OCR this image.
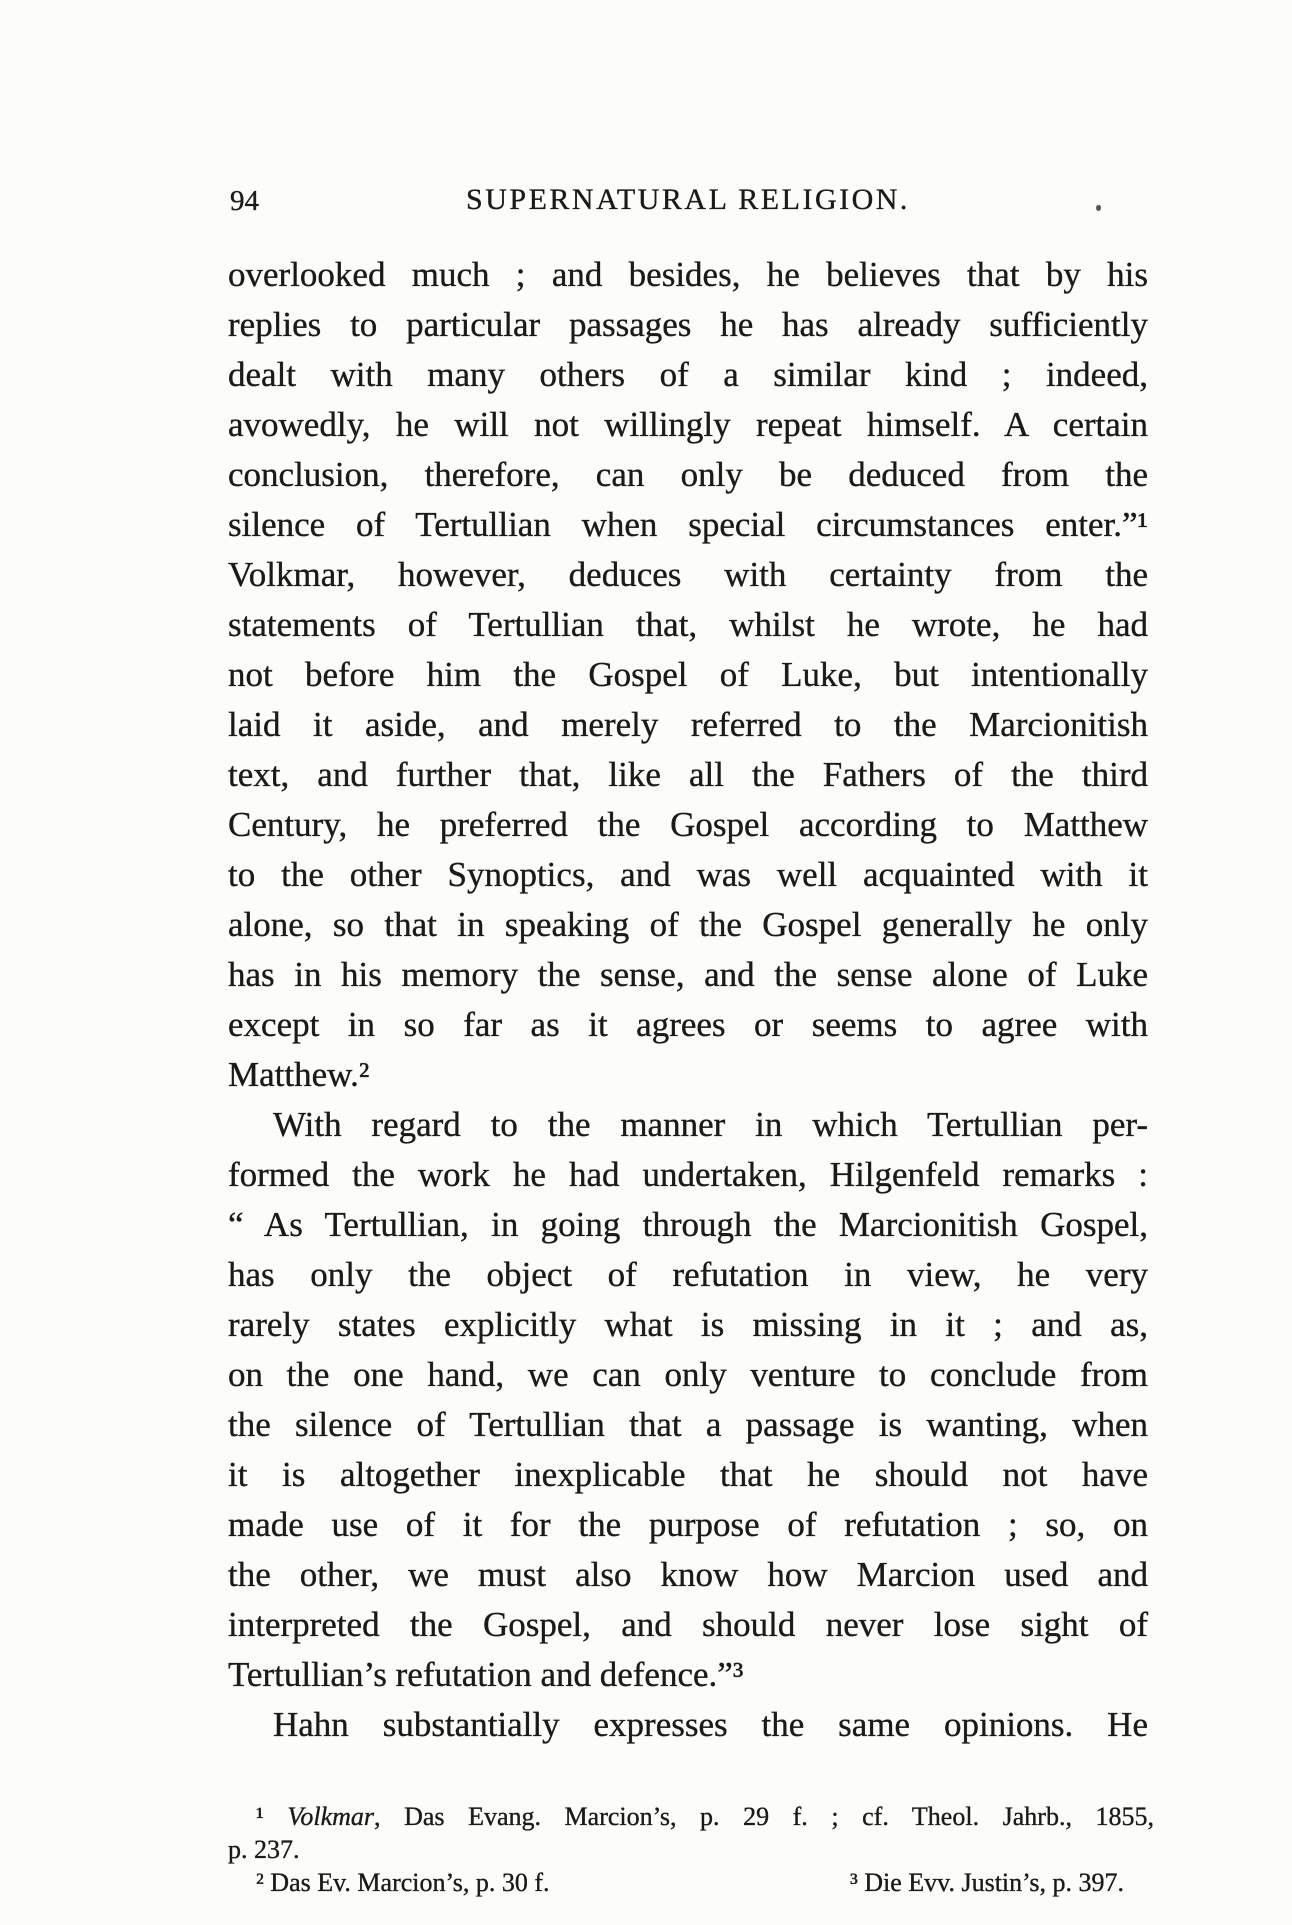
94	SUPERNATURAL RELIGION.
overlooked much ; and besides, he believes that by his
replies to particular passages he has already sufficiently
dealt with many others of a similar kind ; indeed,
avowedly, he will not willingly repeat himself. A certain
conclusion, therefore, can only be deduced from the
silence of Tertullian when special circumstances enter.”¹
Volkmar, however, deduces with certainty from the
statements of Tertullian that, whilst he wrote, he had
not before him the Gospel of Luke, but intentionally
laid it aside, and merely referred to the Marcionitish
text, and further that, like all the Fathers of the third
Century, he preferred the Gospel according to Matthew
to the other Synoptics, and was well acquainted with it
alone, so that in speaking of the Gospel generally he only
has in his memory the sense, and the sense alone of Luke
except in so far as it agrees or seems to agree with
Matthew.²
With regard to the manner in which Tertullian per-
formed the work he had undertaken, Hilgenfeld remarks :
“ As Tertullian, in going through the Marcionitish Gospel,
has only the object of refutation in view, he very
rarely states explicitly what is missing in it ; and as,
on the one hand, we can only venture to conclude from
the silence of Tertullian that a passage is wanting, when
it is altogether inexplicable that he should not have
made use of it for the purpose of refutation ; so, on
the other, we must also know how Marcion used and
interpreted the Gospel, and should never lose sight of
Tertullian’s refutation and defence.”³
Hahn substantially expresses the same opinions. He
¹ Volkmar, Das Evang. Marcion’s, p. 29 f. ; cf. Theol. Jahrb., 1855,
p. 237.
² Das Ev. Marcion’s, p. 30 f.	³ Die Evv. Justin’s, p. 397.
